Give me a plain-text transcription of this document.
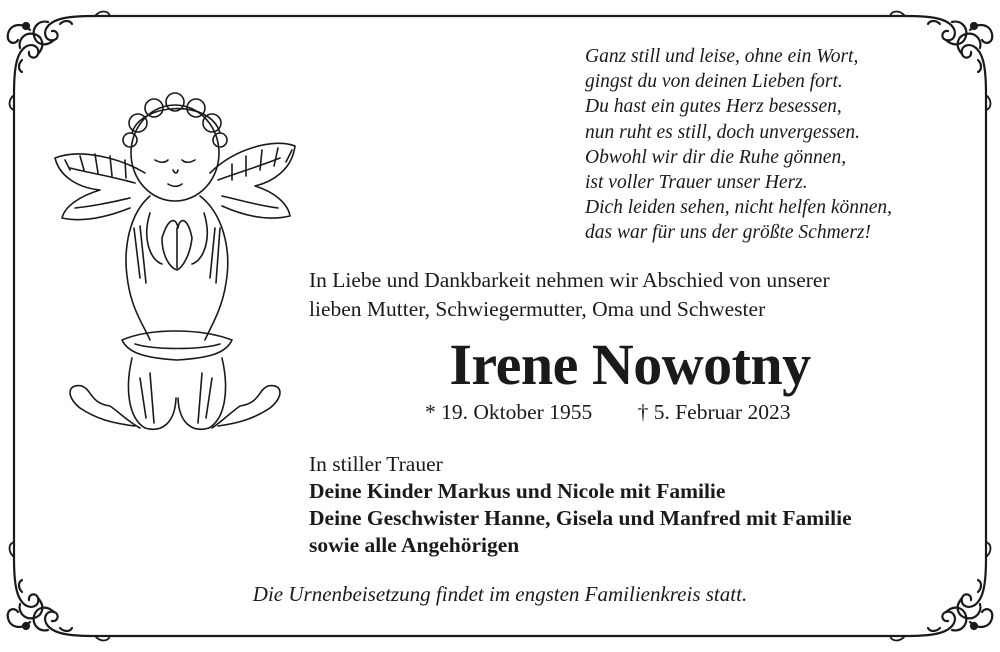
Ganz still und leise, ohne ein Wort,
gingst du von deinen Lieben fort.
Du hast ein gutes Herz besessen,
nun ruht es still, doch unvergessen.
Obwohl wir dir die Ruhe gönnen,
ist voller Trauer unser Herz.
Dich leiden sehen, nicht helfen können,
das war für uns der größte Schmerz!
In Liebe und Dankbarkeit nehmen wir Abschied von unserer
lieben Mutter, Schwiegermutter, Oma und Schwester
Irene Nowotny
* 19. Oktober 1955 † 5. Februar 2023
In stiller Trauer
Deine Kinder Markus und Nicole mit Familie
Deine Geschwister Hanne, Gisela und Manfred mit Familie
sowie alle Angehörigen
Die Urnenbeisetzung findet im engsten Familienkreis statt.
